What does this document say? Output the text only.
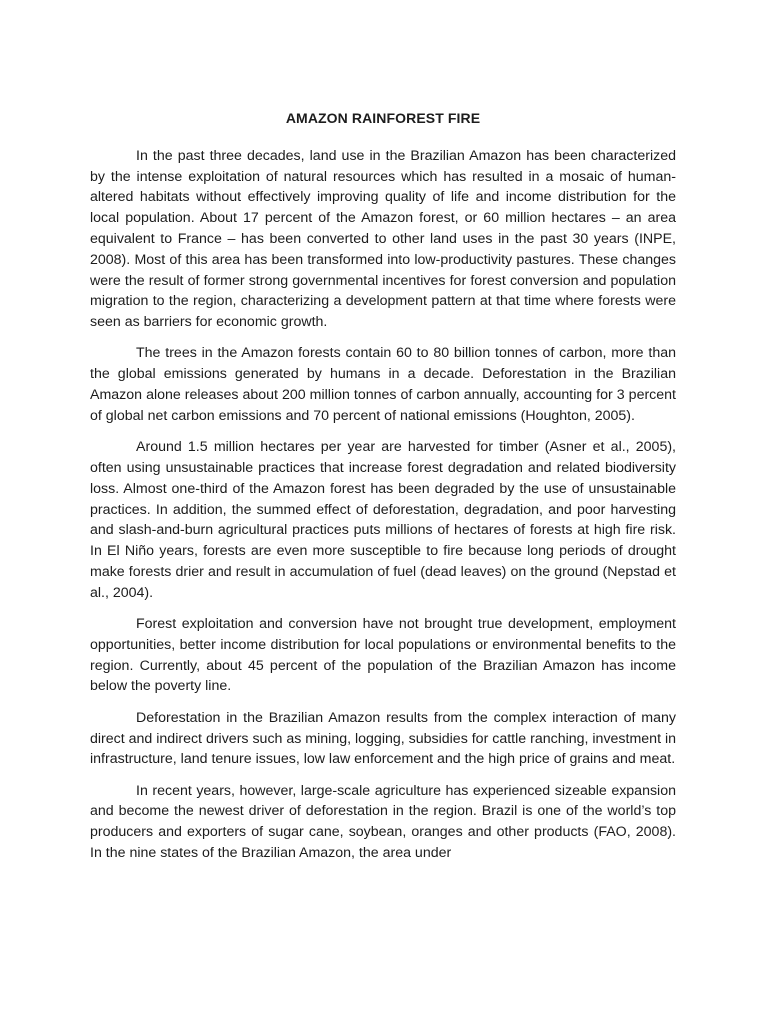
AMAZON RAINFOREST FIRE

In the past three decades, land use in the Brazilian Amazon has been characterized by the intense exploitation of natural resources which has resulted in a mosaic of human-altered habitats without effectively improving quality of life and income distribution for the local population. About 17 percent of the Amazon forest, or 60 million hectares – an area equivalent to France – has been converted to other land uses in the past 30 years (INPE, 2008). Most of this area has been transformed into low-productivity pastures. These changes were the result of former strong governmental incentives for forest conversion and population migration to the region, characterizing a development pattern at that time where forests were seen as barriers for economic growth.

The trees in the Amazon forests contain 60 to 80 billion tonnes of carbon, more than the global emissions generated by humans in a decade. Deforestation in the Brazilian Amazon alone releases about 200 million tonnes of carbon annually, accounting for 3 percent of global net carbon emissions and 70 percent of national emissions (Houghton, 2005).

Around 1.5 million hectares per year are harvested for timber (Asner et al., 2005), often using unsustainable practices that increase forest degradation and related biodiversity loss. Almost one-third of the Amazon forest has been degraded by the use of unsustainable practices. In addition, the summed effect of deforestation, degradation, and poor harvesting and slash-and-burn agricultural practices puts millions of hectares of forests at high fire risk. In El Niño years, forests are even more susceptible to fire because long periods of drought make forests drier and result in accumulation of fuel (dead leaves) on the ground (Nepstad et al., 2004).

Forest exploitation and conversion have not brought true development, employment opportunities, better income distribution for local populations or environmental benefits to the region. Currently, about 45 percent of the population of the Brazilian Amazon has income below the poverty line.

Deforestation in the Brazilian Amazon results from the complex interaction of many direct and indirect drivers such as mining, logging, subsidies for cattle ranching, investment in infrastructure, land tenure issues, low law enforcement and the high price of grains and meat.

In recent years, however, large-scale agriculture has experienced sizeable expansion and become the newest driver of deforestation in the region. Brazil is one of the world’s top producers and exporters of sugar cane, soybean, oranges and other products (FAO, 2008). In the nine states of the Brazilian Amazon, the area under
